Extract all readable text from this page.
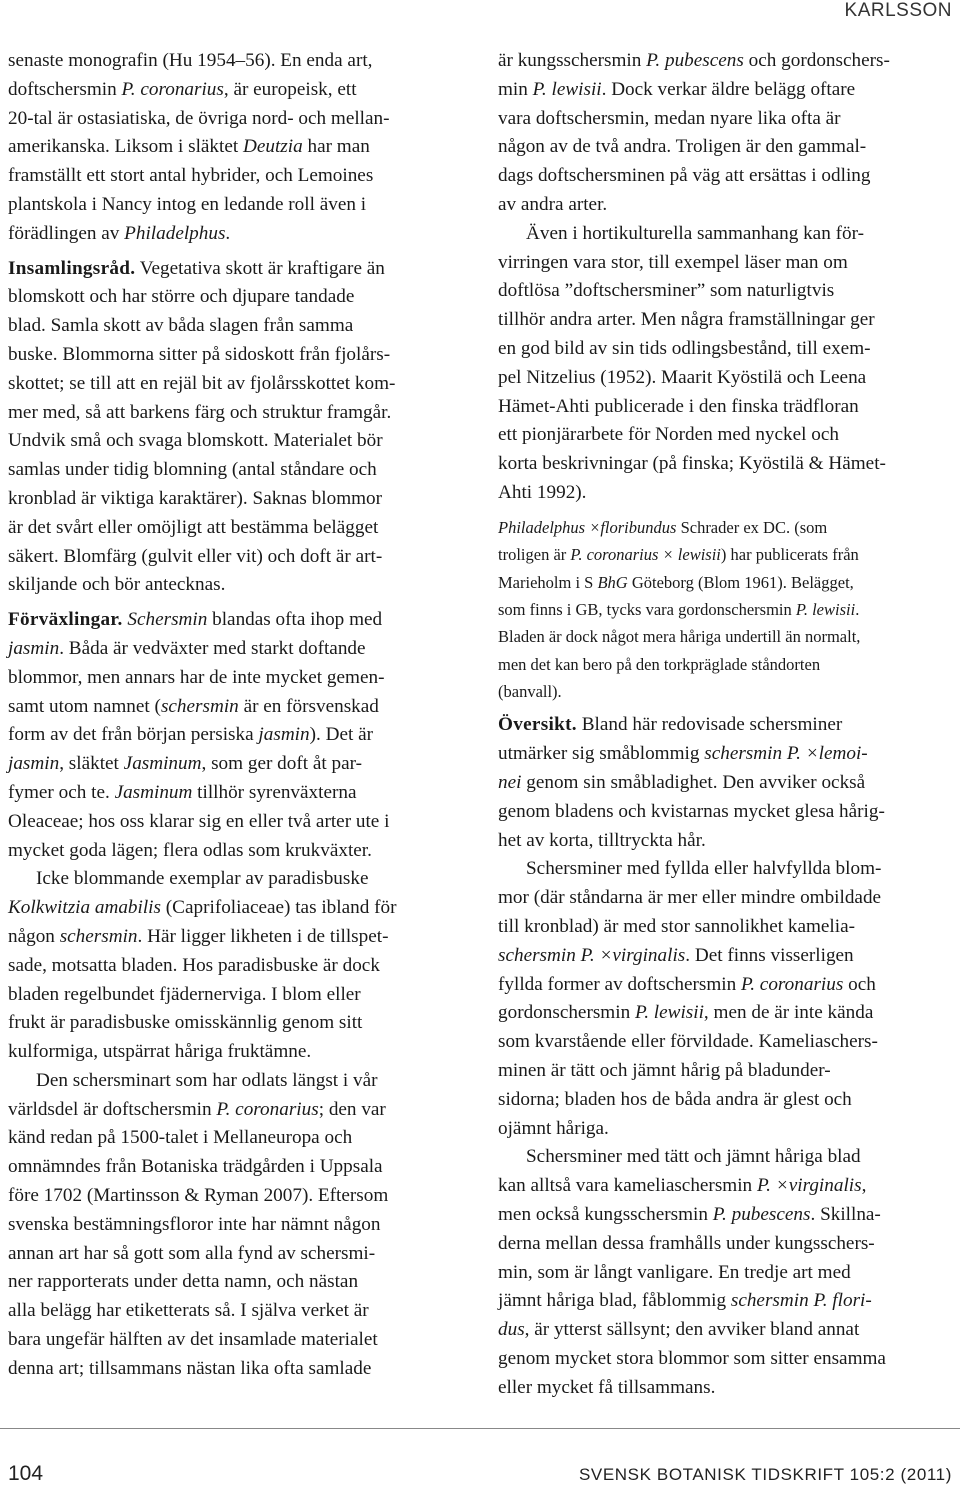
KARLSSON
senaste monografin (Hu 1954–56). En enda art,
doftschersmin P. coronarius, är europeisk, ett
20-tal är ostasiatiska, de övriga nord- och mellan-
amerikanska. Liksom i släktet Deutzia har man
framställt ett stort antal hybrider, och Lemoines
plantskola i Nancy intog en ledande roll även i
förädlingen av Philadelphus.
Insamlingsråd. Vegetativa skott är kraftigare än
blomskott och har större och djupare tandade
blad. Samla skott av båda slagen från samma
buske. Blommorna sitter på sidoskott från fjolårs-
skottet; se till att en rejäl bit av fjolårsskottet kom-
mer med, så att barkens färg och struktur framgår.
Undvik små och svaga blomskott. Materialet bör
samlas under tidig blomning (antal ståndare och
kronblad är viktiga karaktärer). Saknas blommor
är det svårt eller omöjligt att bestämma belägget
säkert. Blomfärg (gulvit eller vit) och doft är art-
skiljande och bör antecknas.
Förväxlingar. Schersmin blandas ofta ihop med
jasmin. Båda är vedväxter med starkt doftande
blommor, men annars har de inte mycket gemen-
samt utom namnet (schersmin är en försvenskad
form av det från början persiska jasmin). Det är
jasmin, släktet Jasminum, som ger doft åt par-
fymer och te. Jasminum tillhör syrenväxterna
Oleaceae; hos oss klarar sig en eller två arter ute i
mycket goda lägen; flera odlas som krukväxter.
Icke blommande exemplar av paradisbuske
Kolkwitzia amabilis (Caprifoliaceae) tas ibland för
någon schersmin. Här ligger likheten i de tillspet-
sade, motsatta bladen. Hos paradisbuske är dock
bladen regelbundet fjädernerviga. I blom eller
frukt är paradisbuske omisskännlig genom sitt
kulformiga, utspärrat håriga fruktämne.
Den schersminart som har odlats längst i vår
världsdel är doftschersmin P. coronarius; den var
känd redan på 1500-talet i Mellaneuropa och
omnämndes från Botaniska trädgården i Uppsala
före 1702 (Martinsson & Ryman 2007). Eftersom
svenska bestämningsfloror inte har nämnt någon
annan art har så gott som alla fynd av schersmi-
ner rapporterats under detta namn, och nästan
alla belägg har etiketterats så. I själva verket är
bara ungefär hälften av det insamlade materialet
denna art; tillsammans nästan lika ofta samlade
är kungsschersmin P. pubescens och gordonschers-
min P. lewisii. Dock verkar äldre belägg oftare
vara doftschersmin, medan nyare lika ofta är
någon av de två andra. Troligen är den gammal-
dags doftschersminen på väg att ersättas i odling
av andra arter.
Även i hortikulturella sammanhang kan för-
virringen vara stor, till exempel läser man om
doftlösa ”doftschersminer” som naturligtvis
tillhör andra arter. Men några framställningar ger
en god bild av sin tids odlingsbestånd, till exem-
pel Nitzelius (1952). Maarit Kyöstilä och Leena
Hämet-Ahti publicerade i den finska trädfloran
ett pionjärarbete för Norden med nyckel och
korta beskrivningar (på finska; Kyöstilä & Hämet-
Ahti 1992).
Philadelphus ×floribundus Schrader ex DC. (som
troligen är P. coronarius × lewisii) har publicerats från
Marieholm i S BhG Göteborg (Blom 1961). Belägget,
som finns i GB, tycks vara gordonschersmin P. lewisii.
Bladen är dock något mera håriga undertill än normalt,
men det kan bero på den torkpräglade ståndorten
(banvall).
Översikt. Bland här redovisade schersminer
utmärker sig småblommig schersmin P. ×lemoi-
nei genom sin småbladighet. Den avviker också
genom bladens och kvistarnas mycket glesa hårig-
het av korta, tilltryckta hår.
Schersminer med fyllda eller halvfyllda blom-
mor (där ståndarna är mer eller mindre ombildade
till kronblad) är med stor sannolikhet kamelia-
schersmin P. ×virginalis. Det finns visserligen
fyllda former av doftschersmin P. coronarius och
gordonschersmin P. lewisii, men de är inte kända
som kvarstående eller förvildade. Kameliaschers-
minen är tätt och jämnt hårig på bladunder-
sidorna; bladen hos de båda andra är glest och
ojämnt håriga.
Schersminer med tätt och jämnt håriga blad
kan alltså vara kameliaschersmin P. ×virginalis,
men också kungsschersmin P. pubescens. Skillna-
derna mellan dessa framhålls under kungsschers-
min, som är långt vanligare. En tredje art med
jämnt håriga blad, fåblommig schersmin P. flori-
dus, är ytterst sällsynt; den avviker bland annat
genom mycket stora blommor som sitter ensamma
eller mycket få tillsammans.
104	SVENSK BOTANISK TIDSKRIFT 105:2 (2011)
